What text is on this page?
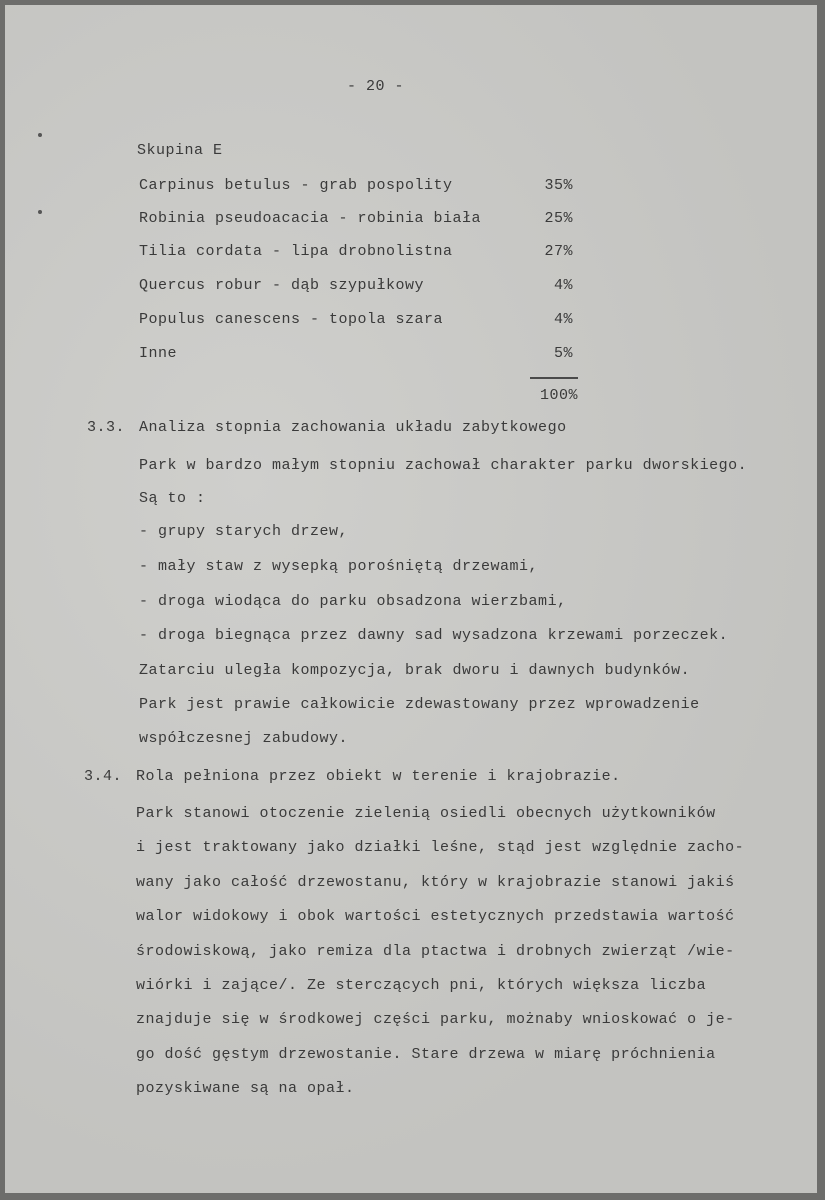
- 20 -
Skupina E
Carpinus betulus - grab pospolity	35%
Robinia pseudoacacia - robinia biała	25%
Tilia cordata - lipa drobnolistna	27%
Quercus robur - dąb szypułkowy	4%
Populus canescens - topola szara	4%
Inne	5%
100%
3.3. Analiza stopnia zachowania układu zabytkowego
Park w bardzo małym stopniu zachował charakter parku dworskiego.
Są to :
- grupy starych drzew,
- mały staw z wysepką porośniętą drzewami,
- droga wiodąca do parku obsadzona wierzbami,
- droga biegnąca przez dawny sad wysadzona krzewami porzeczek.
Zatarciu uległa kompozycja, brak dworu i dawnych budynków.
Park jest prawie całkowicie zdewastowany przez wprowadzenie
współczesnej zabudowy.
3.4. Rola pełniona przez obiekt w terenie i krajobrazie.
Park stanowi otoczenie zielenią osiedli obecnych użytkowników
i jest traktowany jako działki leśne, stąd jest względnie zacho-
wany jako całość drzewostanu, który w krajobrazie stanowi jakiś
walor widokowy i obok wartości estetycznych przedstawia wartość
środowiskową, jako remiza dla ptactwa i drobnych zwierząt /wie-
wiórki i zające/. Ze sterczących pni, których większa liczba
znajduje się w środkowej części parku, możnaby wnioskować o je-
go dość gęstym drzewostanie. Stare drzewa w miarę próchnienia
pozyskiwane są na opał.
